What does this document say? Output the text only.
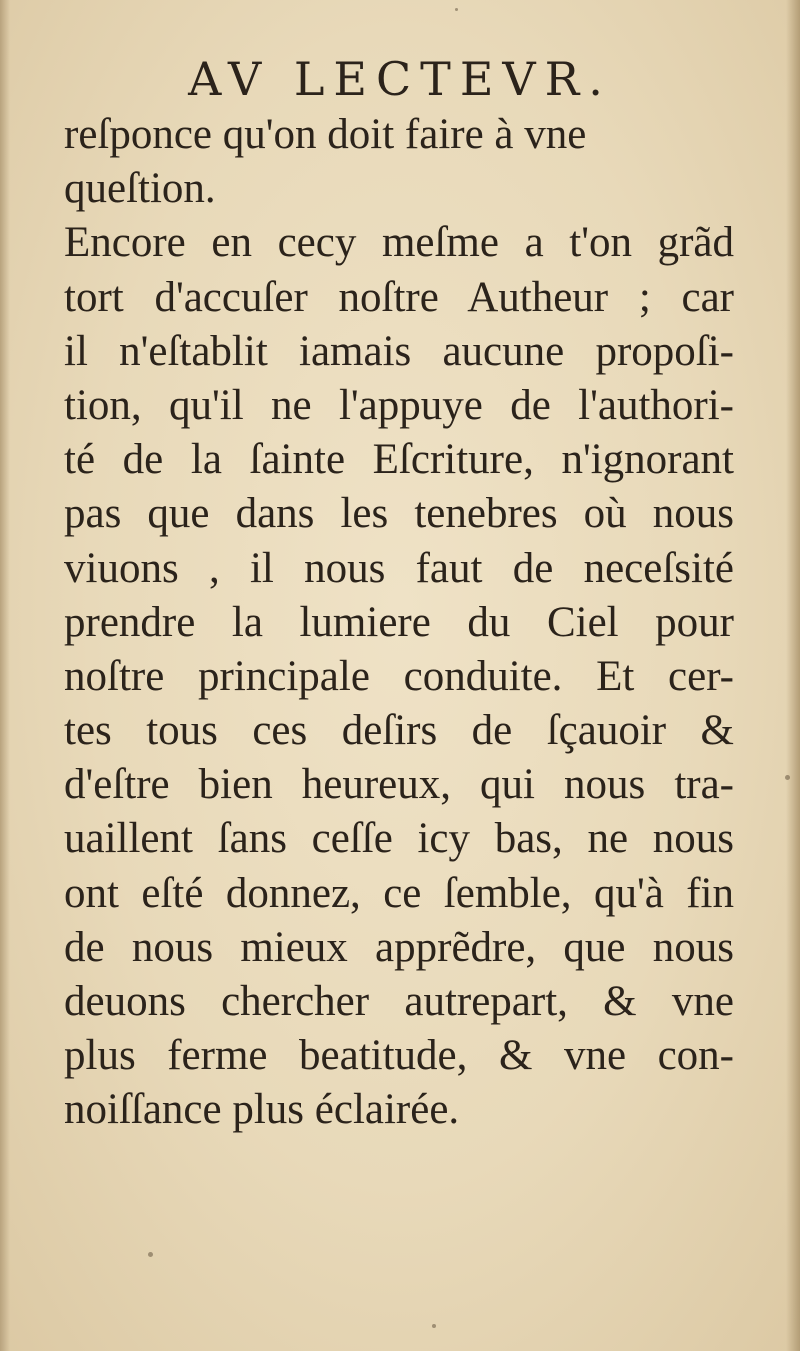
AV LECTEVR.
reſponce qu'on doit faire à vne
queſtion.
Encore en cecy meſme a t'on grãd
tort d'accuſer noſtre Autheur ; car
il n'eſtablit iamais aucune propoſi-
tion, qu'il ne l'appuye de l'authori-
té de la ſainte Eſcriture, n'ignorant
pas que dans les tenebres où nous
viuons , il nous faut de neceſsité
prendre la lumiere du Ciel pour
noſtre principale conduite. Et cer-
tes tous ces deſirs de ſçauoir &
d'eſtre bien heureux, qui nous tra-
uaillent ſans ceſſe icy bas, ne nous
ont eſté donnez, ce ſemble, qu'à fin
de nous mieux apprẽdre, que nous
deuons chercher autrepart, & vne
plus ferme beatitude, & vne con-
noiſſance plus éclairée.
